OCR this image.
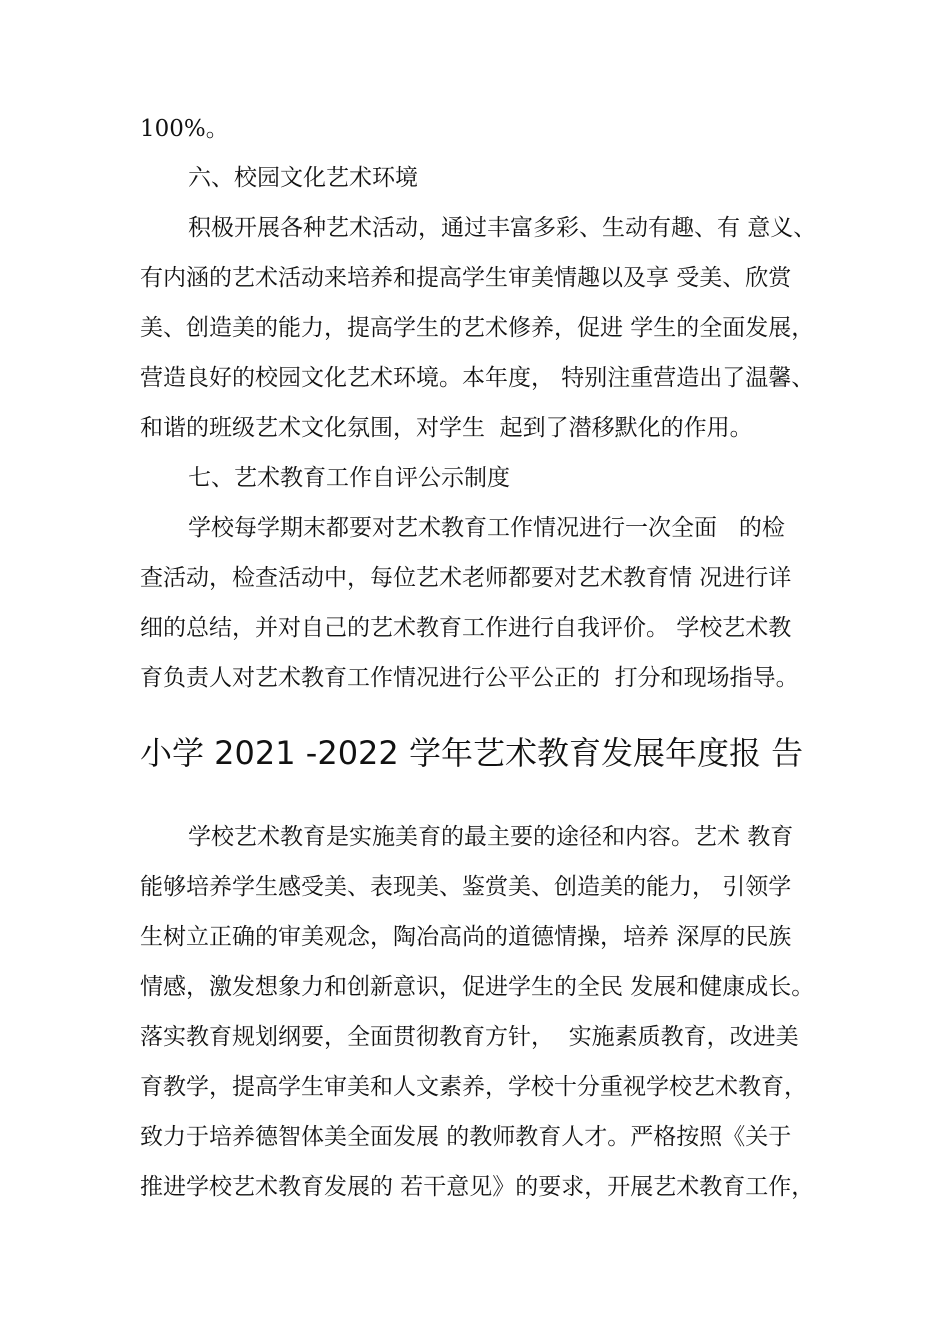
100%。
六、校园文化艺术环境
积极开展各种艺术活动，通过丰富多彩、生动有趣、有 意义、
有内涵的艺术活动来培养和提高学生审美情趣以及享 受美、欣赏
美、创造美的能力，提高学生的艺术修养，促进 学生的全面发展，
营造良好的校园文化艺术环境。本年度， 特别注重营造出了温馨、
和谐的班级艺术文化氛围，对学生  起到了潜移默化的作用。
七、艺术教育工作自评公示制度
学校每学期末都要对艺术教育工作情况进行一次全面   的检
查活动，检查活动中，每位艺术老师都要对艺术教育情 况进行详
细的总结，并对自己的艺术教育工作进行自我评价。 学校艺术教
育负责人对艺术教育工作情况进行公平公正的  打分和现场指导。
小学 2021 -2022 学年艺术教育发展年度报 告
学校艺术教育是实施美育的最主要的途径和内容。艺术 教育
能够培养学生感受美、表现美、鉴赏美、创造美的能力， 引领学
生树立正确的审美观念，陶冶高尚的道德情操，培养 深厚的民族
情感，激发想象力和创新意识，促进学生的全民 发展和健康成长。
落实教育规划纲要，全面贯彻教育方针，  实施素质教育，改进美
育教学，提高学生审美和人文素养，学校十分重视学校艺术教育，
致力于培养德智体美全面发展 的教师教育人才。严格按照《关于
推进学校艺术教育发展的 若干意见》的要求，开展艺术教育工作，
